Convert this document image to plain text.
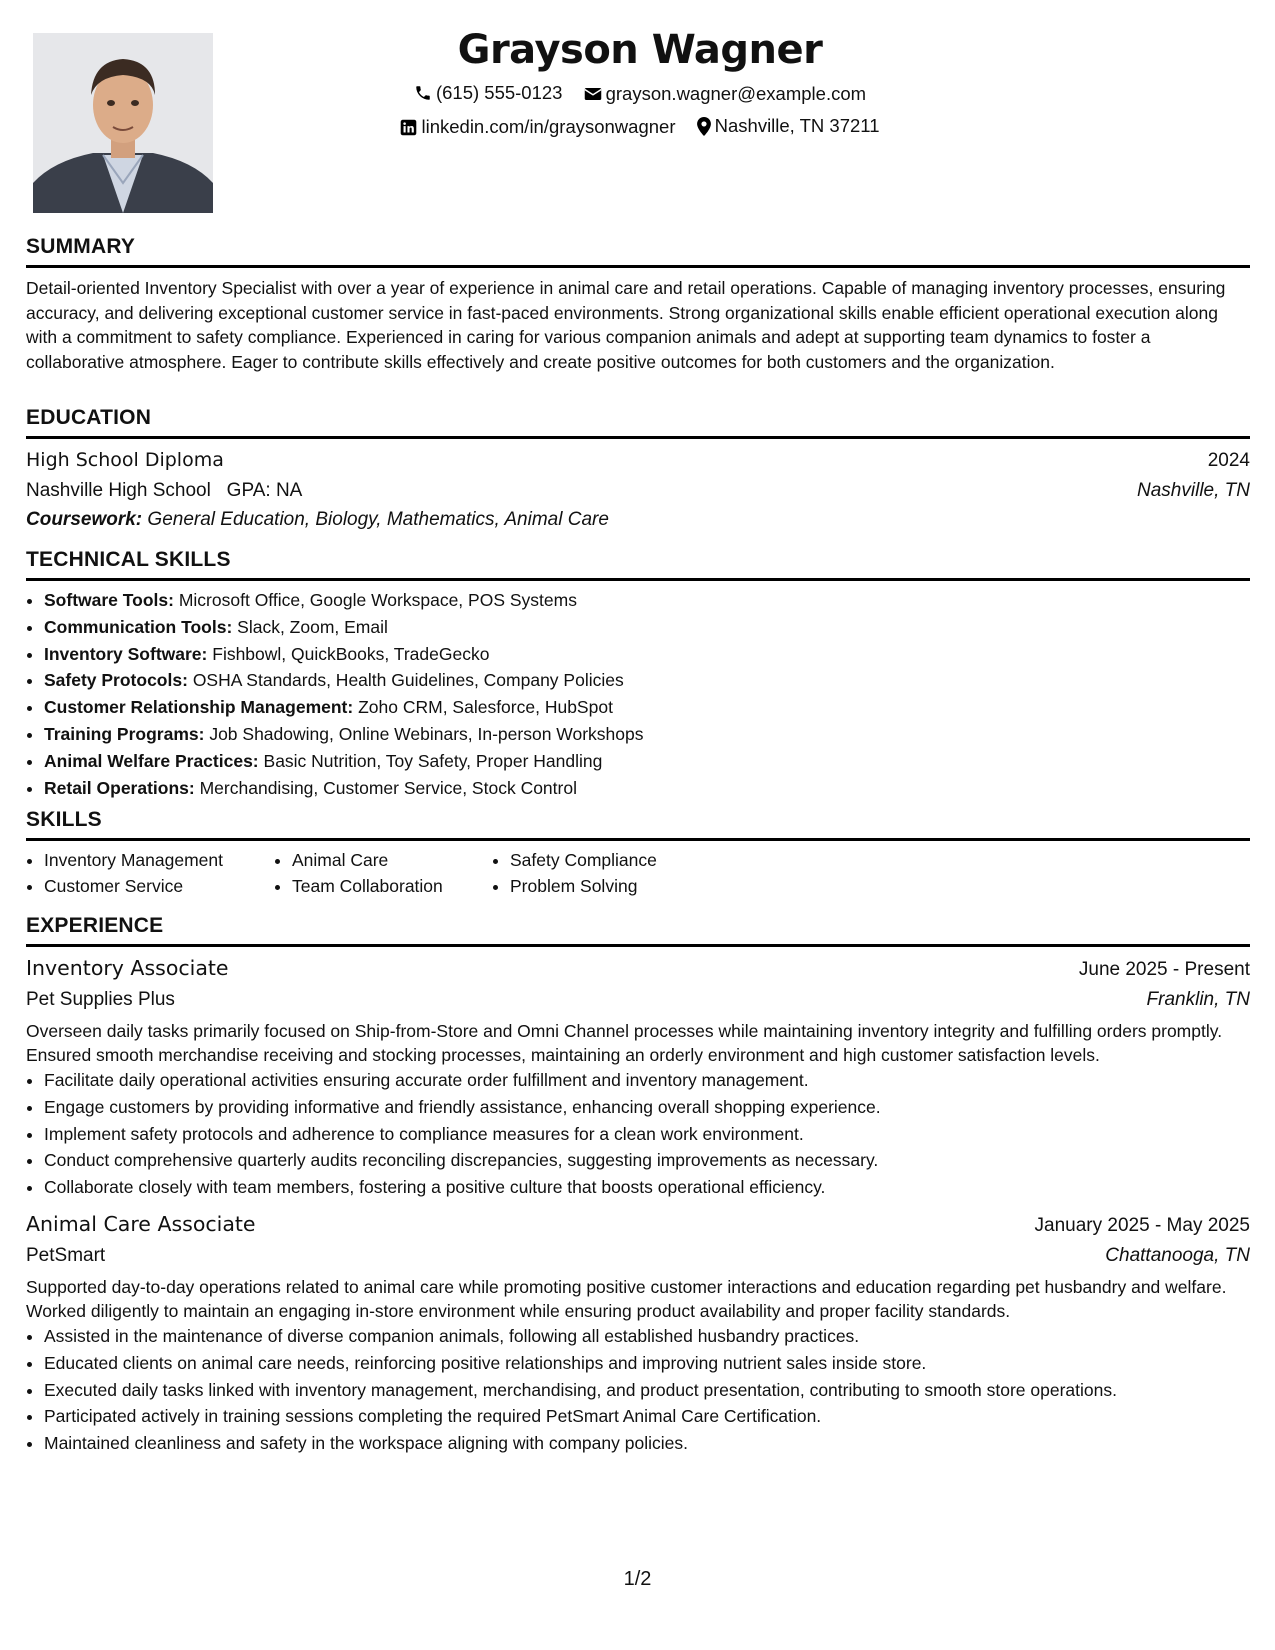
Grayson Wagner
(615) 555-0123
grayson.wagner@example.com
linkedin.com/in/graysonwagner
Nashville, TN 37211
SUMMARY
Detail-oriented Inventory Specialist with over a year of experience in animal care and retail operations. Capable of managing inventory processes, ensuring accuracy, and delivering exceptional customer service in fast-paced environments. Strong organizational skills enable efficient operational execution along with a commitment to safety compliance. Experienced in caring for various companion animals and adept at supporting team dynamics to foster a collaborative atmosphere. Eager to contribute skills effectively and create positive outcomes for both customers and the organization.
EDUCATION
High School Diploma	2024
Nashville High School GPA: NA	Nashville, TN
Coursework: General Education, Biology, Mathematics, Animal Care
TECHNICAL SKILLS
• Software Tools: Microsoft Office, Google Workspace, POS Systems
• Communication Tools: Slack, Zoom, Email
• Inventory Software: Fishbowl, QuickBooks, TradeGecko
• Safety Protocols: OSHA Standards, Health Guidelines, Company Policies
• Customer Relationship Management: Zoho CRM, Salesforce, HubSpot
• Training Programs: Job Shadowing, Online Webinars, In-person Workshops
• Animal Welfare Practices: Basic Nutrition, Toy Safety, Proper Handling
• Retail Operations: Merchandising, Customer Service, Stock Control
SKILLS
• Inventory Management
• Customer Service
• Animal Care
• Team Collaboration
• Safety Compliance
• Problem Solving
EXPERIENCE
Inventory Associate	June 2025 - Present
Pet Supplies Plus	Franklin, TN
Overseen daily tasks primarily focused on Ship-from-Store and Omni Channel processes while maintaining inventory integrity and fulfilling orders promptly. Ensured smooth merchandise receiving and stocking processes, maintaining an orderly environment and high customer satisfaction levels.
• Facilitate daily operational activities ensuring accurate order fulfillment and inventory management.
• Engage customers by providing informative and friendly assistance, enhancing overall shopping experience.
• Implement safety protocols and adherence to compliance measures for a clean work environment.
• Conduct comprehensive quarterly audits reconciling discrepancies, suggesting improvements as necessary.
• Collaborate closely with team members, fostering a positive culture that boosts operational efficiency.
Animal Care Associate	January 2025 - May 2025
PetSmart	Chattanooga, TN
Supported day-to-day operations related to animal care while promoting positive customer interactions and education regarding pet husbandry and welfare. Worked diligently to maintain an engaging in-store environment while ensuring product availability and proper facility standards.
• Assisted in the maintenance of diverse companion animals, following all established husbandry practices.
• Educated clients on animal care needs, reinforcing positive relationships and improving nutrient sales inside store.
• Executed daily tasks linked with inventory management, merchandising, and product presentation, contributing to smooth store operations.
• Participated actively in training sessions completing the required PetSmart Animal Care Certification.
• Maintained cleanliness and safety in the workspace aligning with company policies.
1/2
